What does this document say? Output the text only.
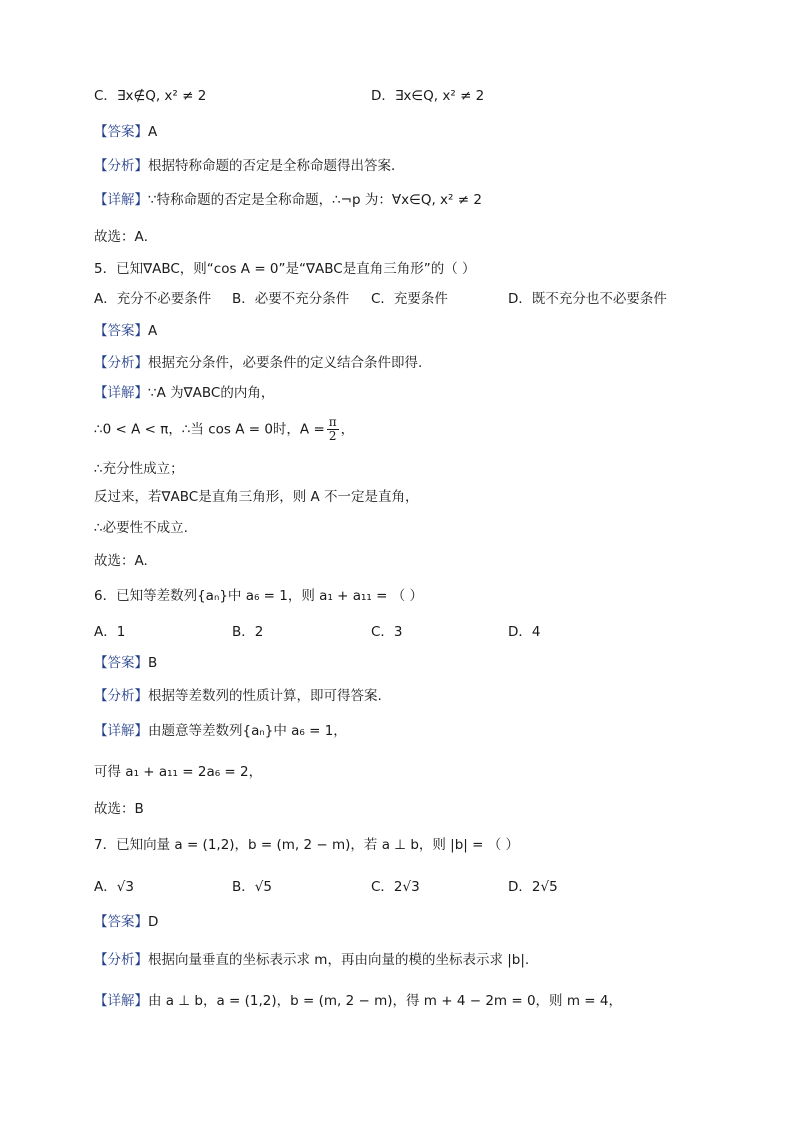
C．∃x∉Q, x² ≠ 2	D．∃x∈Q, x² ≠ 2
【答案】A
【分析】根据特称命题的否定是全称命题得出答案．
【详解】∵特称命题的否定是全称命题，∴¬p 为：∀x∈Q, x² ≠ 2
故选：A．
5．已知∇ABC，则“cos A = 0”是“∇ABC是直角三角形”的（ ）
A．充分不必要条件 B．必要不充分条件 C．充要条件	D．既不充分也不必要条件
【答案】A
【分析】根据充分条件，必要条件的定义结合条件即得.
【详解】∵A 为∇ABC的内角，
∴0 < A < π，∴当 cos A = 0时，$A = \frac{\pi}{2}$ ，
∴充分性成立；
反过来，若∇ABC是直角三角形，则 A 不一定是直角，
∴必要性不成立.
故选：A.
6．已知等差数列{aₙ}中 a₆ = 1，则 a₁ + a₁₁ = （ ）
A．1	B．2	C．3	D．4
【答案】B
【分析】根据等差数列的性质计算，即可得答案.
【详解】由题意等差数列{aₙ}中 a₆ = 1，
可得 a₁ + a₁₁ = 2a₆ = 2，
故选：B
7．已知向量 a = (1,2)，b = (m, 2 − m)，若 a ⊥ b，则 |b| = （ ）
A．√3	B．√5	C．2√3	D．2√5
【答案】D
【分析】根据向量垂直的坐标表示求 m，再由向量的模的坐标表示求 |b|.
【详解】由 a ⊥ b，a = (1,2)，b = (m, 2 − m)，得 m + 4 − 2m = 0，则 m = 4，
